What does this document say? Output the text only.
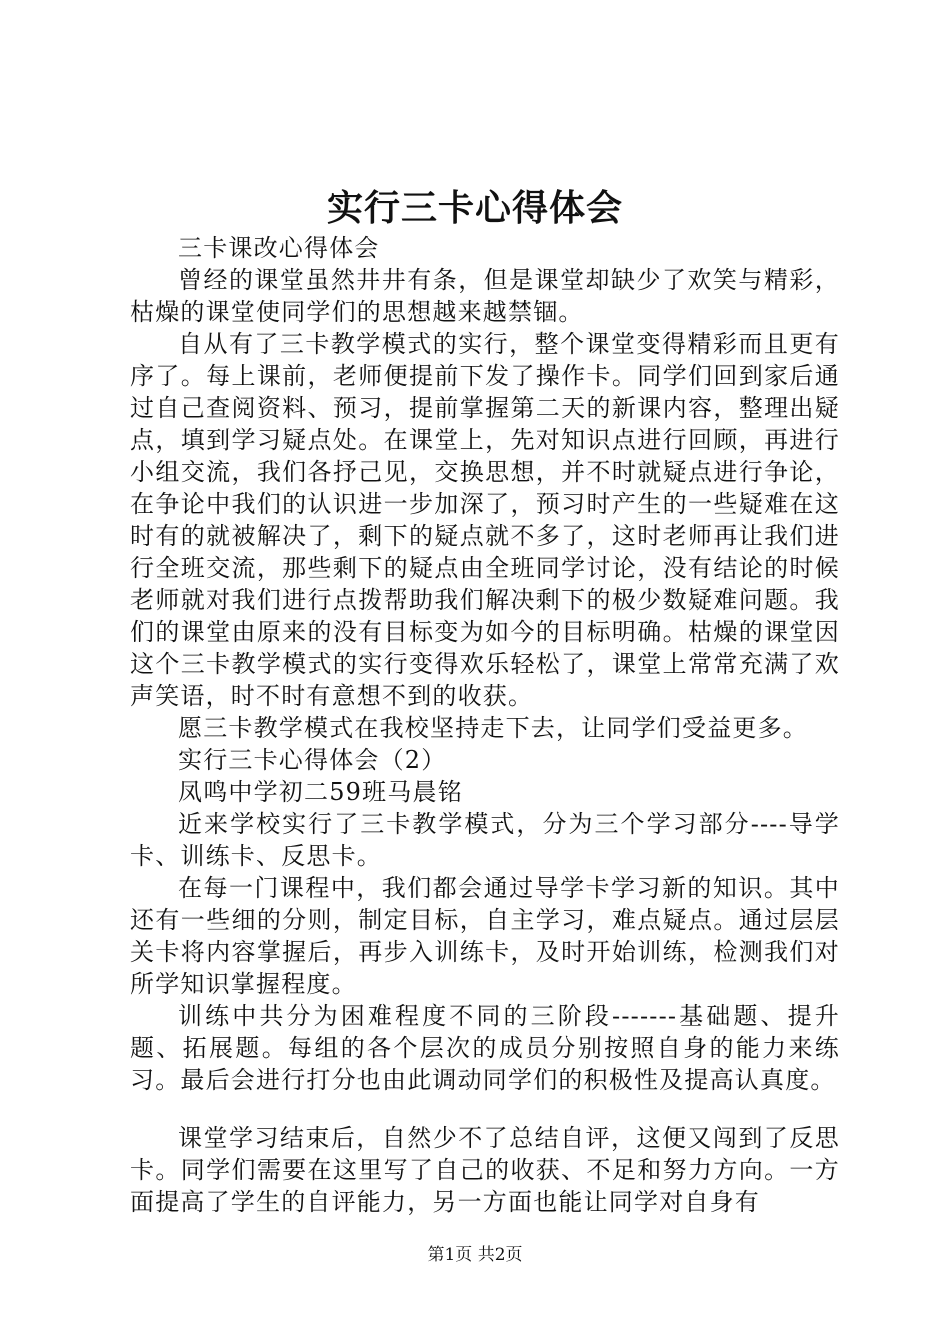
实行三卡心得体会

三卡课改心得体会

曾经的课堂虽然井井有条，但是课堂却缺少了欢笑与精彩，枯燥的课堂使同学们的思想越来越禁锢。

自从有了三卡教学模式的实行，整个课堂变得精彩而且更有序了。每上课前，老师便提前下发了操作卡。同学们回到家后通过自己查阅资料、预习，提前掌握第二天的新课内容，整理出疑点，填到学习疑点处。在课堂上，先对知识点进行回顾，再进行小组交流，我们各抒己见，交换思想，并不时就疑点进行争论，在争论中我们的认识进一步加深了，预习时产生的一些疑难在这时有的就被解决了，剩下的疑点就不多了，这时老师再让我们进行全班交流，那些剩下的疑点由全班同学讨论，没有结论的时候老师就对我们进行点拨帮助我们解决剩下的极少数疑难问题。我们的课堂由原来的没有目标变为如今的目标明确。枯燥的课堂因这个三卡教学模式的实行变得欢乐轻松了，课堂上常常充满了欢声笑语，时不时有意想不到的收获。

愿三卡教学模式在我校坚持走下去，让同学们受益更多。

实行三卡心得体会（2）

凤鸣中学初二59班马晨铭

近来学校实行了三卡教学模式，分为三个学习部分----导学卡、训练卡、反思卡。

在每一门课程中，我们都会通过导学卡学习新的知识。其中还有一些细的分则，制定目标，自主学习，难点疑点。通过层层关卡将内容掌握后，再步入训练卡，及时开始训练，检测我们对所学知识掌握程度。

训练中共分为困难程度不同的三阶段-------基础题、提升题、拓展题。每组的各个层次的成员分别按照自身的能力来练习。最后会进行打分也由此调动同学们的积极性及提高认真度。

课堂学习结束后，自然少不了总结自评，这便又闯到了反思卡。同学们需要在这里写了自己的收获、不足和努力方向。一方面提高了学生的自评能力，另一方面也能让同学对自身有

第1页 共2页
